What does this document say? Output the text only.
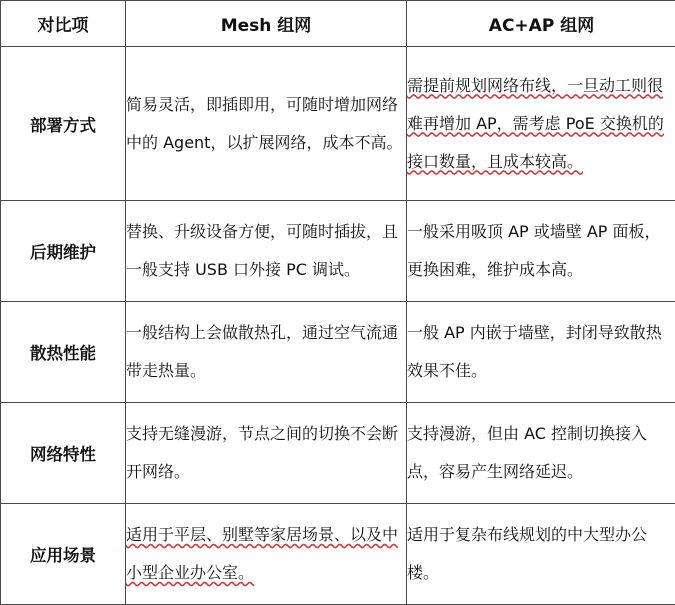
对比项	Mesh 组网	AC+AP 组网
部署方式	简易灵活，即插即用，可随时增加网络中的 Agent，以扩展网络，成本不高。	需提前规划网络布线，一旦动工则很难再增加 AP，需考虑 PoE 交换机的接口数量，且成本较高。

后期维护	替换、升级设备方便，可随时插拔，且一般支持 USB 口外接 PC 调试。	一般采用吸顶 AP 或墙壁 AP 面板，更换困难，维护成本高。

散热性能	一般结构上会做散热孔，通过空气流通带走热量。	一般 AP 内嵌于墙壁，封闭导致散热效果不佳。

网络特性	支持无缝漫游，节点之间的切换不会断开网络。	支持漫游，但由 AC 控制切换接入点，容易产生网络延迟。

应用场景	适用于平层、别墅等家居场景、以及中小型企业办公室。	适用于复杂布线规划的中大型办公楼。
